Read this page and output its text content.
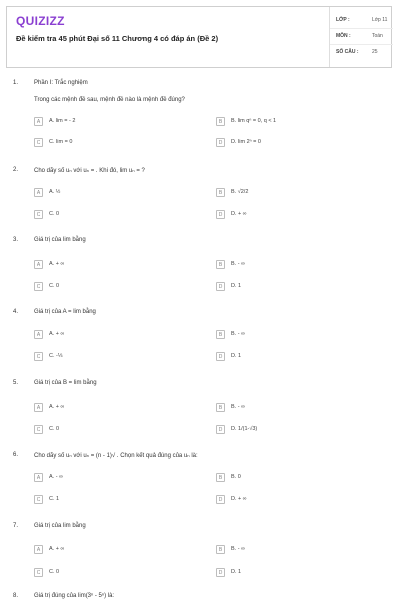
QUIZIZZ
Đề kiểm tra 45 phút Đại số 11 Chương 4 có đáp án (Đề 2)
LỚP :	Lớp 11
MÔN :	Toán
SỐ CÂU :	25
1.	Phần I: Trắc nghiệm
Trong các mệnh đề sau, mệnh đề nào là mệnh đề đúng?
A	A. lim = - 2	B	B. lim qⁿ = 0, q < 1
C	C. lim = 0	D	D. lim 2ⁿ = 0
2.	Cho dãy số uₙ với uₙ = . Khi đó, lim uₙ = ?
A	A. ½	B	B. √2/2
C	C. 0	D	D. + ∞
3.	Giá trị của lim bằng
A	A. + ∞	B	B. - ∞
C	C. 0	D	D. 1
4.	Giá trị của A = lim bằng
A	A. + ∞	B	B. - ∞
C	C. -⅓	D	D. 1
5.	Giá trị của B = lim bằng
A	A. + ∞	B	B. - ∞
C	C. 0	D	D. 1/(1-√3)
6.	Cho dãy số uₙ với uₙ = (n - 1)√ . Chọn kết quả đúng của uₙ là:
A	A. - ∞	B	B. 0
C	C. 1	D	D. + ∞
7.	Giá trị của lim bằng
A	A. + ∞	B	B. - ∞
C	C. 0	D	D. 1
8.	Giá trị đúng của lim(3ⁿ - 5ⁿ) là:
